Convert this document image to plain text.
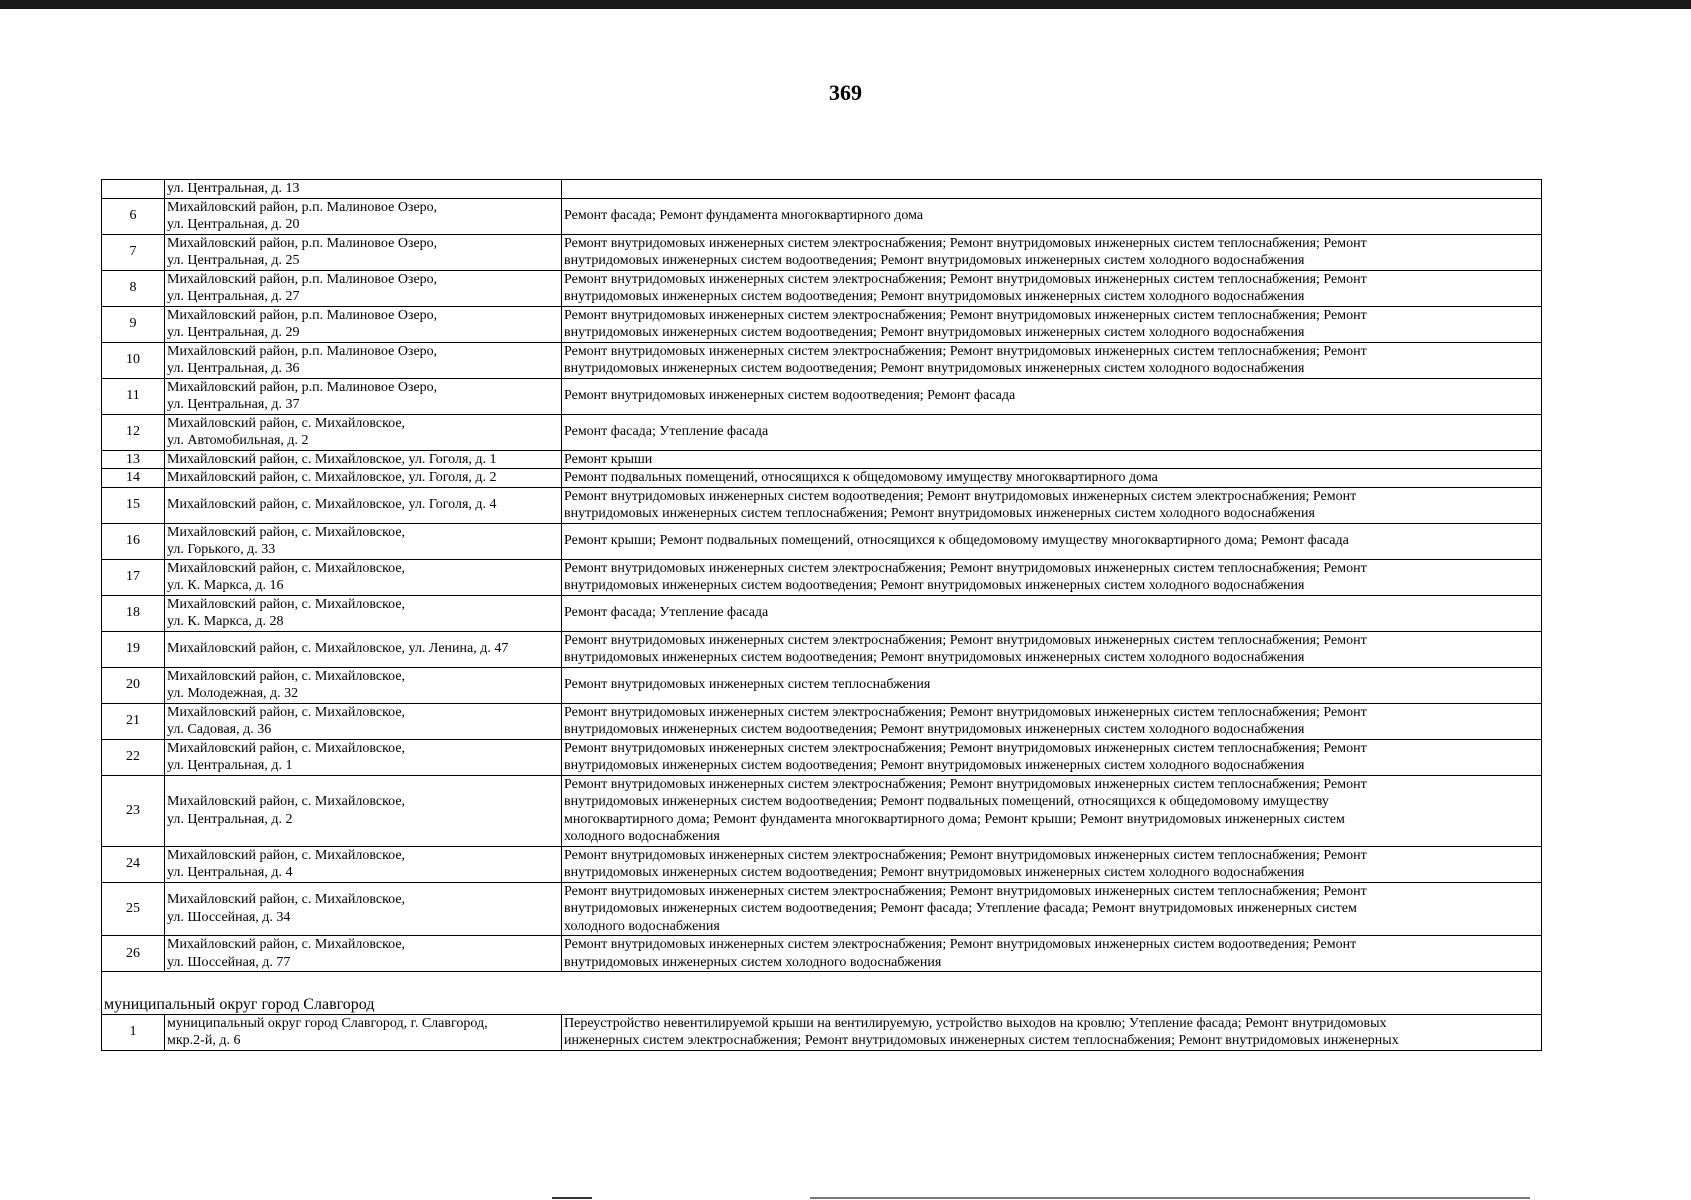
369

	ул. Центральная, д. 13	

6	Михайловский район, р.п. Малиновое Озеро,
ул. Центральная, д. 20	Ремонт фасада; Ремонт фундамента многоквартирного дома

7	Михайловский район, р.п. Малиновое Озеро,
ул. Центральная, д. 25	Ремонт внутридомовых инженерных систем электроснабжения; Ремонт внутридомовых инженерных систем теплоснабжения; Ремонт
внутридомовых инженерных систем водоотведения; Ремонт внутридомовых инженерных систем холодного водоснабжения

8	Михайловский район, р.п. Малиновое Озеро,
ул. Центральная, д. 27	Ремонт внутридомовых инженерных систем электроснабжения; Ремонт внутридомовых инженерных систем теплоснабжения; Ремонт
внутридомовых инженерных систем водоотведения; Ремонт внутридомовых инженерных систем холодного водоснабжения

9	Михайловский район, р.п. Малиновое Озеро,
ул. Центральная, д. 29	Ремонт внутридомовых инженерных систем электроснабжения; Ремонт внутридомовых инженерных систем теплоснабжения; Ремонт
внутридомовых инженерных систем водоотведения; Ремонт внутридомовых инженерных систем холодного водоснабжения

10	Михайловский район, р.п. Малиновое Озеро,
ул. Центральная, д. 36	Ремонт внутридомовых инженерных систем электроснабжения; Ремонт внутридомовых инженерных систем теплоснабжения; Ремонт
внутридомовых инженерных систем водоотведения; Ремонт внутридомовых инженерных систем холодного водоснабжения

11	Михайловский район, р.п. Малиновое Озеро,
ул. Центральная, д. 37	Ремонт внутридомовых инженерных систем водоотведения; Ремонт фасада

12	Михайловский район, с. Михайловское,
ул. Автомобильная, д. 2	Ремонт фасада; Утепление фасада

13	Михайловский район, с. Михайловское, ул. Гоголя, д. 1	Ремонт крыши

14	Михайловский район, с. Михайловское, ул. Гоголя, д. 2	Ремонт подвальных помещений, относящихся к общедомовому имуществу многоквартирного дома

15	Михайловский район, с. Михайловское, ул. Гоголя, д. 4	Ремонт внутридомовых инженерных систем водоотведения; Ремонт внутридомовых инженерных систем электроснабжения; Ремонт
внутридомовых инженерных систем теплоснабжения; Ремонт внутридомовых инженерных систем холодного водоснабжения

16	Михайловский район, с. Михайловское,
ул. Горького, д. 33	Ремонт крыши; Ремонт подвальных помещений, относящихся к общедомовому имуществу многоквартирного дома; Ремонт фасада

17	Михайловский район, с. Михайловское,
ул. К. Маркса, д. 16	Ремонт внутридомовых инженерных систем электроснабжения; Ремонт внутридомовых инженерных систем теплоснабжения; Ремонт
внутридомовых инженерных систем водоотведения; Ремонт внутридомовых инженерных систем холодного водоснабжения

18	Михайловский район, с. Михайловское,
ул. К. Маркса, д. 28	Ремонт фасада; Утепление фасада

19	Михайловский район, с. Михайловское, ул. Ленина, д. 47	Ремонт внутридомовых инженерных систем электроснабжения; Ремонт внутридомовых инженерных систем теплоснабжения; Ремонт
внутридомовых инженерных систем водоотведения; Ремонт внутридомовых инженерных систем холодного водоснабжения

20	Михайловский район, с. Михайловское,
ул. Молодежная, д. 32	Ремонт внутридомовых инженерных систем теплоснабжения

21	Михайловский район, с. Михайловское,
ул. Садовая, д. 36	Ремонт внутридомовых инженерных систем электроснабжения; Ремонт внутридомовых инженерных систем теплоснабжения; Ремонт
внутридомовых инженерных систем водоотведения; Ремонт внутридомовых инженерных систем холодного водоснабжения

22	Михайловский район, с. Михайловское,
ул. Центральная, д. 1	Ремонт внутридомовых инженерных систем электроснабжения; Ремонт внутридомовых инженерных систем теплоснабжения; Ремонт
внутридомовых инженерных систем водоотведения; Ремонт внутридомовых инженерных систем холодного водоснабжения

23	Михайловский район, с. Михайловское,
ул. Центральная, д. 2	Ремонт внутридомовых инженерных систем электроснабжения; Ремонт внутридомовых инженерных систем теплоснабжения; Ремонт
внутридомовых инженерных систем водоотведения; Ремонт подвальных помещений, относящихся к общедомовому имуществу
многоквартирного дома; Ремонт фундамента многоквартирного дома; Ремонт крыши; Ремонт внутридомовых инженерных систем
холодного водоснабжения

24	Михайловский район, с. Михайловское,
ул. Центральная, д. 4	Ремонт внутридомовых инженерных систем электроснабжения; Ремонт внутридомовых инженерных систем теплоснабжения; Ремонт
внутридомовых инженерных систем водоотведения; Ремонт внутридомовых инженерных систем холодного водоснабжения

25	Михайловский район, с. Михайловское,
ул. Шоссейная, д. 34	Ремонт внутридомовых инженерных систем электроснабжения; Ремонт внутридомовых инженерных систем теплоснабжения; Ремонт
внутридомовых инженерных систем водоотведения; Ремонт фасада; Утепление фасада; Ремонт внутридомовых инженерных систем
холодного водоснабжения

26	Михайловский район, с. Михайловское,
ул. Шоссейная, д. 77	Ремонт внутридомовых инженерных систем электроснабжения; Ремонт внутридомовых инженерных систем водоотведения; Ремонт
внутридомовых инженерных систем холодного водоснабжения

муниципальный округ город Славгород		
1	муниципальный округ город Славгород, г. Славгород,
мкр.2-й, д. 6	Переустройство невентилируемой крыши на вентилируемую, устройство выходов на кровлю; Утепление фасада; Ремонт внутридомовых
инженерных систем электроснабжения; Ремонт внутридомовых инженерных систем теплоснабжения; Ремонт внутридомовых инженерных
